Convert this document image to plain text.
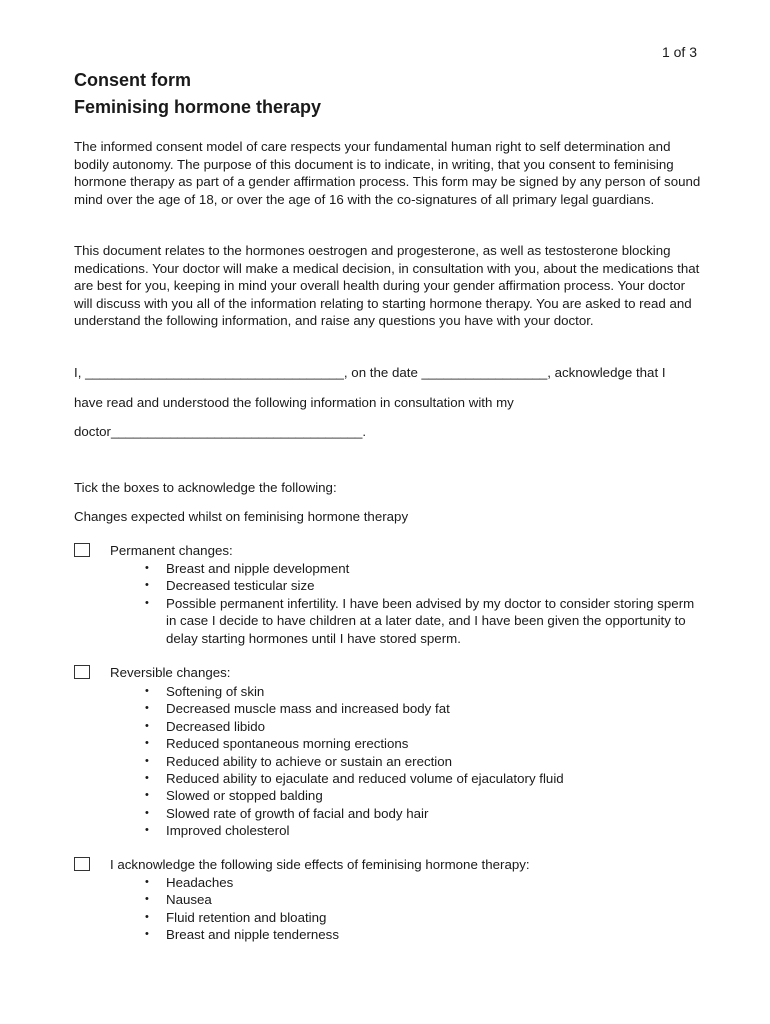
1 of 3
Consent form
Feminising hormone therapy
The informed consent model of care respects your fundamental human right to self determination and bodily autonomy. The purpose of this document is to indicate, in writing, that you consent to feminising hormone therapy as part of a gender affirmation process. This form may be signed by any person of sound mind over the age of 18, or over the age of 16 with the co-signatures of all primary legal guardians.
This document relates to the hormones oestrogen and progesterone, as well as testosterone blocking medications. Your doctor will make a medical decision, in consultation with you, about the medications that are best for you, keeping in mind your overall health during your gender affirmation process. Your doctor will discuss with you all of the information relating to starting hormone therapy. You are asked to read and understand the following information, and raise any questions you have with your doctor.
I, ___________________________________, on the date _________________, acknowledge that I
have read and understood the following information in consultation with my
doctor__________________________________.
Tick the boxes to acknowledge the following:
Changes expected whilst on feminising hormone therapy
Permanent changes:
• Breast and nipple development
• Decreased testicular size
• Possible permanent infertility. I have been advised by my doctor to consider storing sperm in case I decide to have children at a later date, and I have been given the opportunity to delay starting hormones until I have stored sperm.
Reversible changes:
• Softening of skin
• Decreased muscle mass and increased body fat
• Decreased libido
• Reduced spontaneous morning erections
• Reduced ability to achieve or sustain an erection
• Reduced ability to ejaculate and reduced volume of ejaculatory fluid
• Slowed or stopped balding
• Slowed rate of growth of facial and body hair
• Improved cholesterol
I acknowledge the following side effects of feminising hormone therapy:
• Headaches
• Nausea
• Fluid retention and bloating
• Breast and nipple tenderness
